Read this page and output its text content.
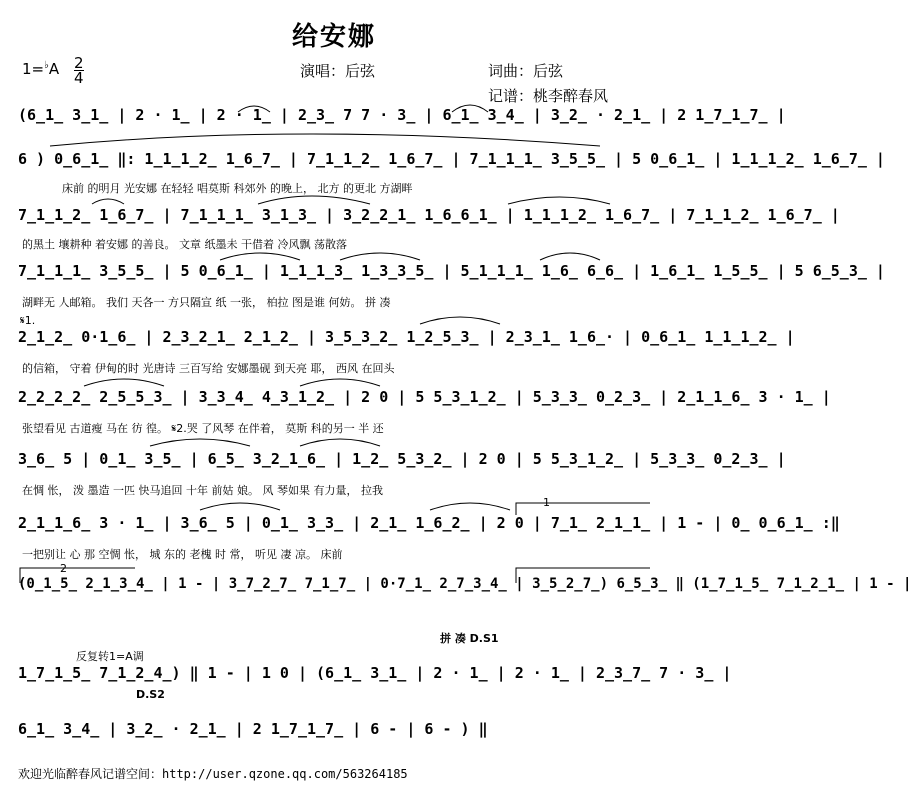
给安娜
$1=^♭A \frac{2}{4}$	演唱：后弦	词曲：后弦
记谱：桃李醉春风
(6̲1̲ 3̲1̲ | 2 · 1̲ | 2 · 1̲ | 2̲3̲ 7 7 · 3̲ | 6̲1̲ 3̲4̲ | 3̲2̲ · 2̲1̲ | 2 1̲7̲1̲7̲ |
6 ) 0̲6̲1̲ ‖: 1̲1̲1̲2̲ 1̲6̲7̲ | 7̲1̲1̲2̲ 1̲6̲7̲ | 7̲1̲1̲1̲ 3̲5̲5̲ | 5 0̲6̲1̲ | 1̲1̲1̲2̲ 1̲6̲7̲ |
床前 的明月 光安娜 在轻轻 唱莫斯 科郊外 的晚上， 北方 的更北 方湖畔
7̲1̲1̲2̲ 1̲6̲7̲ | 7̲1̲1̲1̲ 3̲1̲3̲ | 3̲2̲2̲1̲ 1̲6̲6̲1̲ | 1̲1̲1̲2̲ 1̲6̲7̲ | 7̲1̲1̲2̲ 1̲6̲7̲ |
的黑土 壤耕种 着安娜 的善良。 文章 纸墨未 干借着 冷风飘 荡散落
7̲1̲1̲1̲ 3̲5̲5̲ | 5 0̲6̲1̲ | 1̲1̲1̲3̲ 1̲3̲3̲5̲ | 5̲1̲1̲1̲ 1̲6̲ 6̲6̲ | 1̲6̲1̲ 1̲5̲5̲ | 5 6̲5̲3̲ |
湖畔无 人邮箱。 我们 天各一 方只隔宣 纸 一张， 柏拉 图是谁 何妨。 拼 凑
𝄋1.
2̲1̲2̲ 0·1̲6̲ | 2̲3̲2̲1̲ 2̲1̲2̲ | 3̲5̲3̲2̲ 1̲2̲5̲3̲ | 2̲3̲1̲ 1̲6̲· | 0̲6̲1̲ 1̲1̲1̲2̲ |
的信箱， 守着 伊甸的时 光唐诗 三百写给 安娜墨砚 到天亮 耶， 西风 在回头
2̲2̲2̲2̲ 2̲5̲5̲3̲ | 3̲3̲4̲ 4̲3̲1̲2̲ | 2 0 | 5 5̲3̲1̲2̲ | 5̲3̲3̲ 0̲2̲3̲ | 2̲1̲1̲6̲ 3 · 1̲ |
张望看见 古道瘦 马在 彷 徨。 𝄋2.哭 了风琴 在伴着， 莫斯 科的另一 半 还
3̲6̲ 5 | 0̲1̲ 3̲5̲ | 6̲5̲ 3̲2̲1̲6̲ | 1̲2̲ 5̲3̲2̲ | 2 0 | 5 5̲3̲1̲2̲ | 5̲3̲3̲ 0̲2̲3̲ |
在惆 怅， 泼 墨造 一匹 快马追回 十年 前姑 娘。 风 琴如果 有力量， 拉我
1
2̲1̲1̲6̲ 3 · 1̲ | 3̲6̲ 5 | 0̲1̲ 3̲3̲ | 2̲1̲ 1̲6̲2̲ | 2 0 | 7̲1̲ 2̲1̲1̲ | 1 - | 0̲ 0̲6̲1̲ :‖
一把别让 心 那 空惆 怅， 城 东的 老槐 时 常， 听见 凄 凉。 床前
2
(0̲1̲5̲ 2̲1̲3̲4̲ | 1 - | 3̲7̲2̲7̲ 7̲1̲7̲ | 0·7̲1̲ 2̲7̲3̲4̲ | 3̲5̲2̲7̲) 6̲5̲3̲ ‖ (1̲7̲1̲5̲ 7̲1̲2̲1̲ | 1 - |
拼 凑 D.S1
反复转1=A调
1̲7̲1̲5̲ 7̲1̲2̲4̲) ‖ 1 - | 1 0 | (6̲1̲ 3̲1̲ | 2 · 1̲ | 2 · 1̲ | 2̲3̲7̲ 7 · 3̲ |
D.S2
6̲1̲ 3̲4̲ | 3̲2̲ · 2̲1̲ | 2 1̲7̲1̲7̲ | 6 - | 6 - ) ‖
欢迎光临醉春风记谱空间：http://user.qzone.qq.com/563264185
